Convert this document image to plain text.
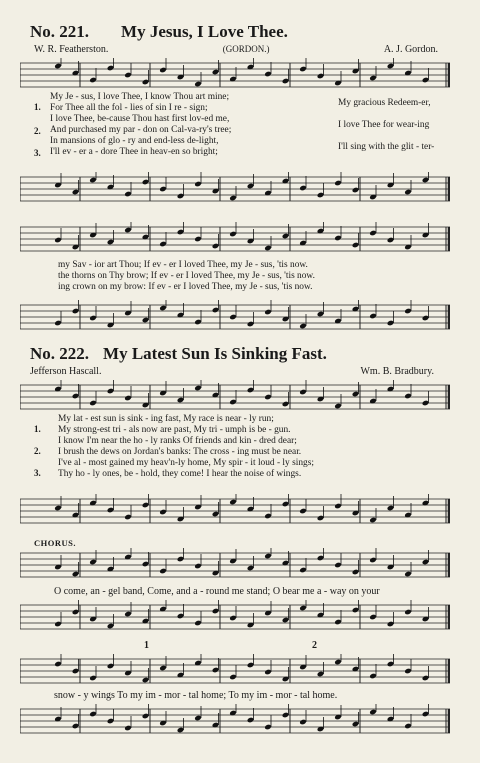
No. 221. My Jesus, I Love Thee.
W. R. Featherston.	(GORDON.)	A. J. Gordon.
1.
2.
3.
My Je - sus, I love Thee, I know Thou art mine;
For Thee all the fol - lies of sin I re - sign;
I love Thee, be-cause Thou hast first lov-ed me,
And purchased my par - don on Cal-va-ry's tree;
In mansions of glo - ry and end-less de-light,
I'll ev - er a - dore Thee in heav-en so bright;
My gracious Redeem-er,
I love Thee for wear-ing
I'll sing with the glit - ter-
my Sav - ior art Thou; If ev - er I loved Thee, my Je - sus, 'tis now.
the thorns on Thy brow; If ev - er I loved Thee, my Je - sus, 'tis now.
ing crown on my brow: If ev - er I loved Thee, my Je - sus, 'tis now.
No. 222. My Latest Sun Is Sinking Fast.
Jefferson Hascall.	Wm. B. Bradbury.
1.
2.
3.
My lat - est sun is sink - ing fast, My race is near - ly run;
My strong-est tri - als now are past, My tri - umph is be - gun.
I know I'm near the ho - ly ranks Of friends and kin - dred dear;
I brush the dews on Jordan's banks: The cross - ing must be near.
I've al - most gained my heav'n-ly home, My spir - it loud - ly sings;
Thy ho - ly ones, be - hold, they come! I hear the noise of wings.
CHORUS.
O come, an - gel band, Come, and a - round me stand; O bear me a - way on your
1	2
snow - y wings To my im - mor - tal home; To my im - mor - tal home.
